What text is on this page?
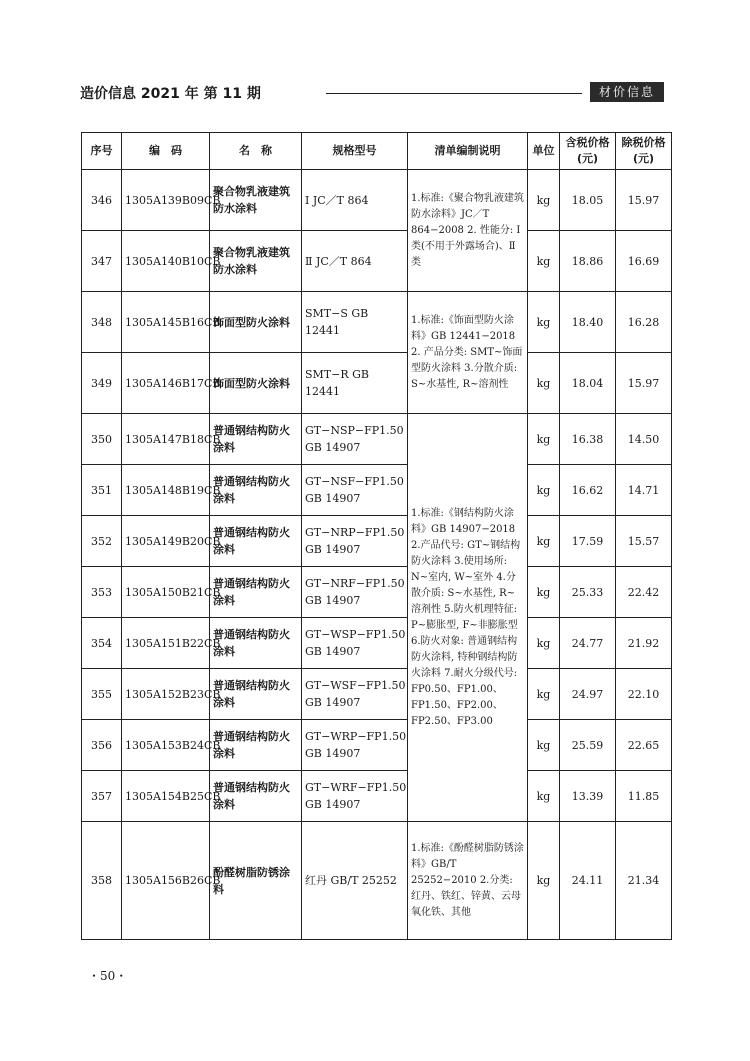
造价信息 2021 年 第 11 期	材价信息
序号	编　码	名　称	规格型号	清单编制说明	单位	含税价格(元)	除税价格(元)
346	1305A139B09CB	聚合物乳液建筑防水涂料	Ⅰ JC／T 864	1.标准:《聚合物乳液建筑防水涂料》JC／T 864−2008 2. 性能分: Ⅰ类(不用于外露场合)、Ⅱ类	kg	18.05	15.97
347	1305A140B10CB	聚合物乳液建筑防水涂料	Ⅱ JC／T 864		kg	18.86	16.69
348	1305A145B16CB	饰面型防火涂料	SMT−S GB 12441	1.标准:《饰面型防火涂料》GB 12441−2018 2. 产品分类: SMT~饰面型防火涂料 3.分散介质: S~水基性, R~溶剂性	kg	18.40	16.28
349	1305A146B17CB	饰面型防火涂料	SMT−R GB 12441		kg	18.04	15.97
350	1305A147B18CB	普通钢结构防火涂料	GT−NSP−FP1.50 GB 14907	1.标准:《钢结构防火涂料》GB 14907−2018 2.产品代号: GT~钢结构防火涂料 3.使用场所: N~室内, W~室外 4.分散介质: S~水基性, R~溶剂性 5.防火机理特征: P~膨胀型, F~非膨胀型 6.防火对象: 普通钢结构防火涂料, 特种钢结构防火涂料 7.耐火分级代号: FP0.50、FP1.00、FP1.50、FP2.00、FP2.50、FP3.00	kg	16.38	14.50
351	1305A148B19CB	普通钢结构防火涂料	GT−NSF−FP1.50 GB 14907		kg	16.62	14.71
352	1305A149B20CB	普通钢结构防火涂料	GT−NRP−FP1.50 GB 14907		kg	17.59	15.57
353	1305A150B21CB	普通钢结构防火涂料	GT−NRF−FP1.50 GB 14907		kg	25.33	22.42
354	1305A151B22CB	普通钢结构防火涂料	GT−WSP−FP1.50 GB 14907		kg	24.77	21.92
355	1305A152B23CB	普通钢结构防火涂料	GT−WSF−FP1.50 GB 14907		kg	24.97	22.10
356	1305A153B24CB	普通钢结构防火涂料	GT−WRP−FP1.50 GB 14907		kg	25.59	22.65
357	1305A154B25CB	普通钢结构防火涂料	GT−WRF−FP1.50 GB 14907		kg	13.39	11.85
358	1305A156B26CB	酚醛树脂防锈涂料	红丹 GB/T 25252	1.标准:《酚醛树脂防锈涂料》GB/T 25252−2010 2.分类: 红丹、铁红、锌黄、云母氧化铁、其他	kg	24.11	21.34
・50・
